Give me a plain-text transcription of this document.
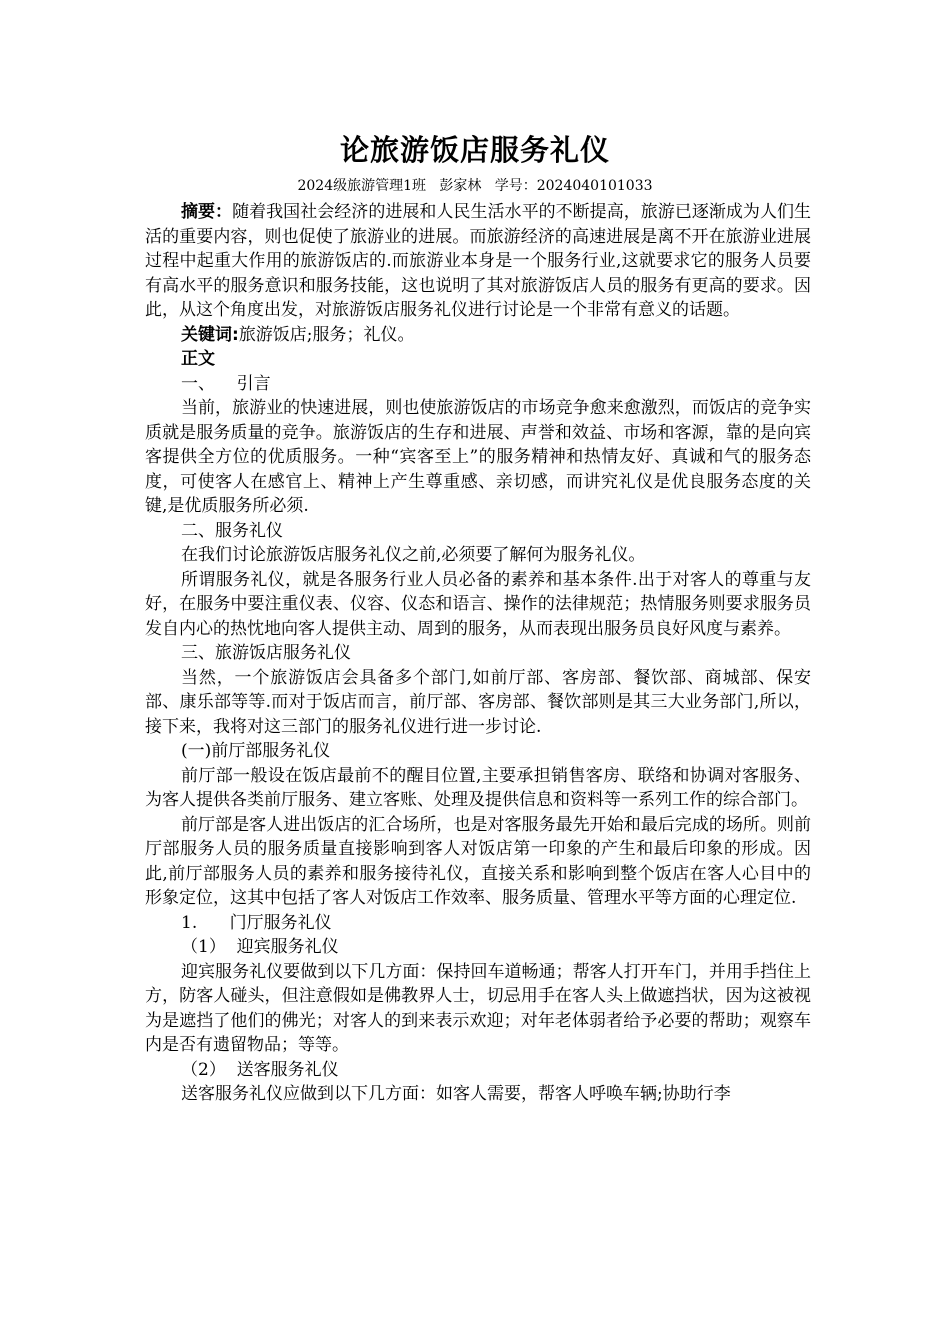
论旅游饭店服务礼仪
2024级旅游管理1班   彭家林   学号：2024040101033

摘要：随着我国社会经济的进展和人民生活水平的不断提高，旅游已逐渐成为人们生活的重要内容，则也促使了旅游业的进展。而旅游经济的高速进展是离不开在旅游业进展过程中起重大作用的旅游饭店的.而旅游业本身是一个服务行业,这就要求它的服务人员要有高水平的服务意识和服务技能，这也说明了其对旅游饭店人员的服务有更高的要求。因此，从这个角度出发，对旅游饭店服务礼仪进行讨论是一个非常有意义的话题。

关键词:旅游饭店;服务；礼仪。

正文

一、    引言

当前，旅游业的快速进展，则也使旅游饭店的市场竞争愈来愈激烈，而饭店的竞争实质就是服务质量的竞争。旅游饭店的生存和进展、声誉和效益、市场和客源，靠的是向宾客提供全方位的优质服务。一种“宾客至上”的服务精神和热情友好、真诚和气的服务态度，可使客人在感官上、精神上产生尊重感、亲切感，而讲究礼仪是优良服务态度的关键,是优质服务所必须.

二、服务礼仪

在我们讨论旅游饭店服务礼仪之前,必须要了解何为服务礼仪。

所谓服务礼仪，就是各服务行业人员必备的素养和基本条件.出于对客人的尊重与友好，在服务中要注重仪表、仪容、仪态和语言、操作的法律规范；热情服务则要求服务员发自内心的热忱地向客人提供主动、周到的服务，从而表现出服务员良好风度与素养。

三、旅游饭店服务礼仪

当然，一个旅游饭店会具备多个部门,如前厅部、客房部、餐饮部、商城部、保安部、康乐部等等.而对于饭店而言，前厅部、客房部、餐饮部则是其三大业务部门,所以，接下来，我将对这三部门的服务礼仪进行进一步讨论.

(一)前厅部服务礼仪

前厅部一般设在饭店最前不的醒目位置,主要承担销售客房、联络和协调对客服务、为客人提供各类前厅服务、建立客账、处理及提供信息和资料等一系列工作的综合部门。

前厅部是客人进出饭店的汇合场所，也是对客服务最先开始和最后完成的场所。则前厅部服务人员的服务质量直接影响到客人对饭店第一印象的产生和最后印象的形成。因此,前厅部服务人员的素养和服务接待礼仪，直接关系和影响到整个饭店在客人心目中的形象定位，这其中包括了客人对饭店工作效率、服务质量、管理水平等方面的心理定位.

1.      门厅服务礼仪

（1）  迎宾服务礼仪

迎宾服务礼仪要做到以下几方面：保持回车道畅通；帮客人打开车门，并用手挡住上方，防客人碰头，但注意假如是佛教界人士，切忌用手在客人头上做遮挡状，因为这被视为是遮挡了他们的佛光；对客人的到来表示欢迎；对年老体弱者给予必要的帮助；观察车内是否有遗留物品；等等。

（2）  送客服务礼仪

送客服务礼仪应做到以下几方面：如客人需要，帮客人呼唤车辆;协助行李
